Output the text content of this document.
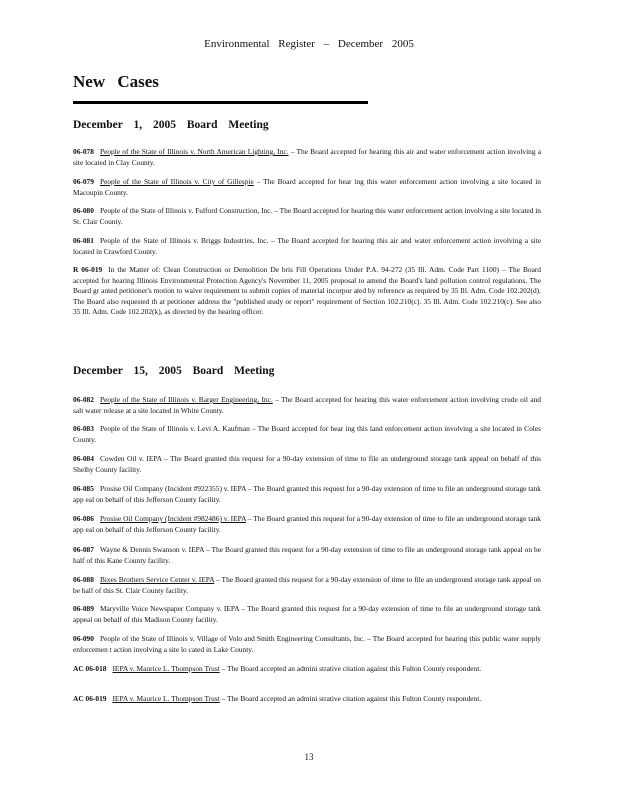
Environmental Register – December 2005
New Cases
December 1, 2005 Board Meeting
06-078 People of the State of Illinois v. North American Lighting, Inc. – The Board accepted for hearing this air and water enforcement action involving a site located in Clay County.
06-079 People of the State of Illinois v. City of Gillespie – The Board accepted for hear ing this water enforcement action involving a site located in Macoupin County.
06-080 People of the State of Illinois v. Fulford Construction, Inc. – The Board accepted for hearing this water enforcement action involving a site located in St. Clair County.
06-081 People of the State of Illinois v. Briggs Industries, Inc. – The Board accepted for hearing this air and water enforcement action involving a site located in Crawford County.
R 06-019 In the Matter of: Clean Construction or Demolition De bris Fill Operations Under P.A. 94-272 (35 Ill. Adm. Code Part 1100) – The Board accepted for hearing Illinois Environmental Protection Agency's November 11, 2005 proposal to amend the Board's land pollution control regulations. The Board gr anted petitioner's motion to waive requirement to submit copies of material incorpor ated by reference as required by 35 Ill. Adm. Code 102.202(d). The Board also requested th at petitioner address the "published study or report" requirement of Section 102.210(c). 35 Ill. Adm. Code 102.210(c). See also 35 Ill. Adm. Code 102.202(k), as directed by the hearing officer.
December 15, 2005 Board Meeting
06-082 People of the State of Illinois v. Barger Engineering, Inc. – The Board accepted for hearing this water enforcement action involving crude oil and salt water release at a site located in White County.
06-083 People of the State of Illinois v. Levi A. Kaufman – The Board accepted for hear ing this land enforcement action involving a site located in Coles County.
06-084 Cowden Oil v. IEPA – The Board granted this request for a 90-day extension of time to file an underground storage tank appeal on behalf of this Shelby County facility.
06-085 Prosise Oil Company (Incident #922355) v. IEPA – The Board granted this request for a 90-day extension of time to file an underground storage tank app eal on behalf of this Jefferson County facility.
06-086 Prosise Oil Company (Incident #982486) v. IEPA – The Board granted this request for a 90-day extension of time to file an underground storage tank app eal on behalf of this Jefferson County facility.
06-087 Wayne & Dennis Swanson v. IEPA – The Board granted this request for a 90-day extension of time to file an underground storage tank appeal on be half of this Kane County facility.
06-088 Bixes Brothers Service Center v. IEPA – The Board granted this request for a 90-day extension of time to file an underground storage tank appeal on be half of this St. Clair County facility.
06-089 Maryville Voice Newspaper Company v. IEPA – The Board granted this request for a 90-day extension of time to file an underground storage tank appeal on behalf of this Madison County facility.
06-090 People of the State of Illinois v. Village of Volo and Smith Engineering Consultants, Inc. – The Board accepted for hearing this public water supply enforcemen t action involving a site lo cated in Lake County.
AC 06-018 IEPA v. Maurice L. Thompson Trust – The Board accepted an admini strative citation against this Fulton County respondent.
AC 06-019 IEPA v. Maurice L. Thompson Trust – The Board accepted an admini strative citation against this Fulton County respondent.
13
